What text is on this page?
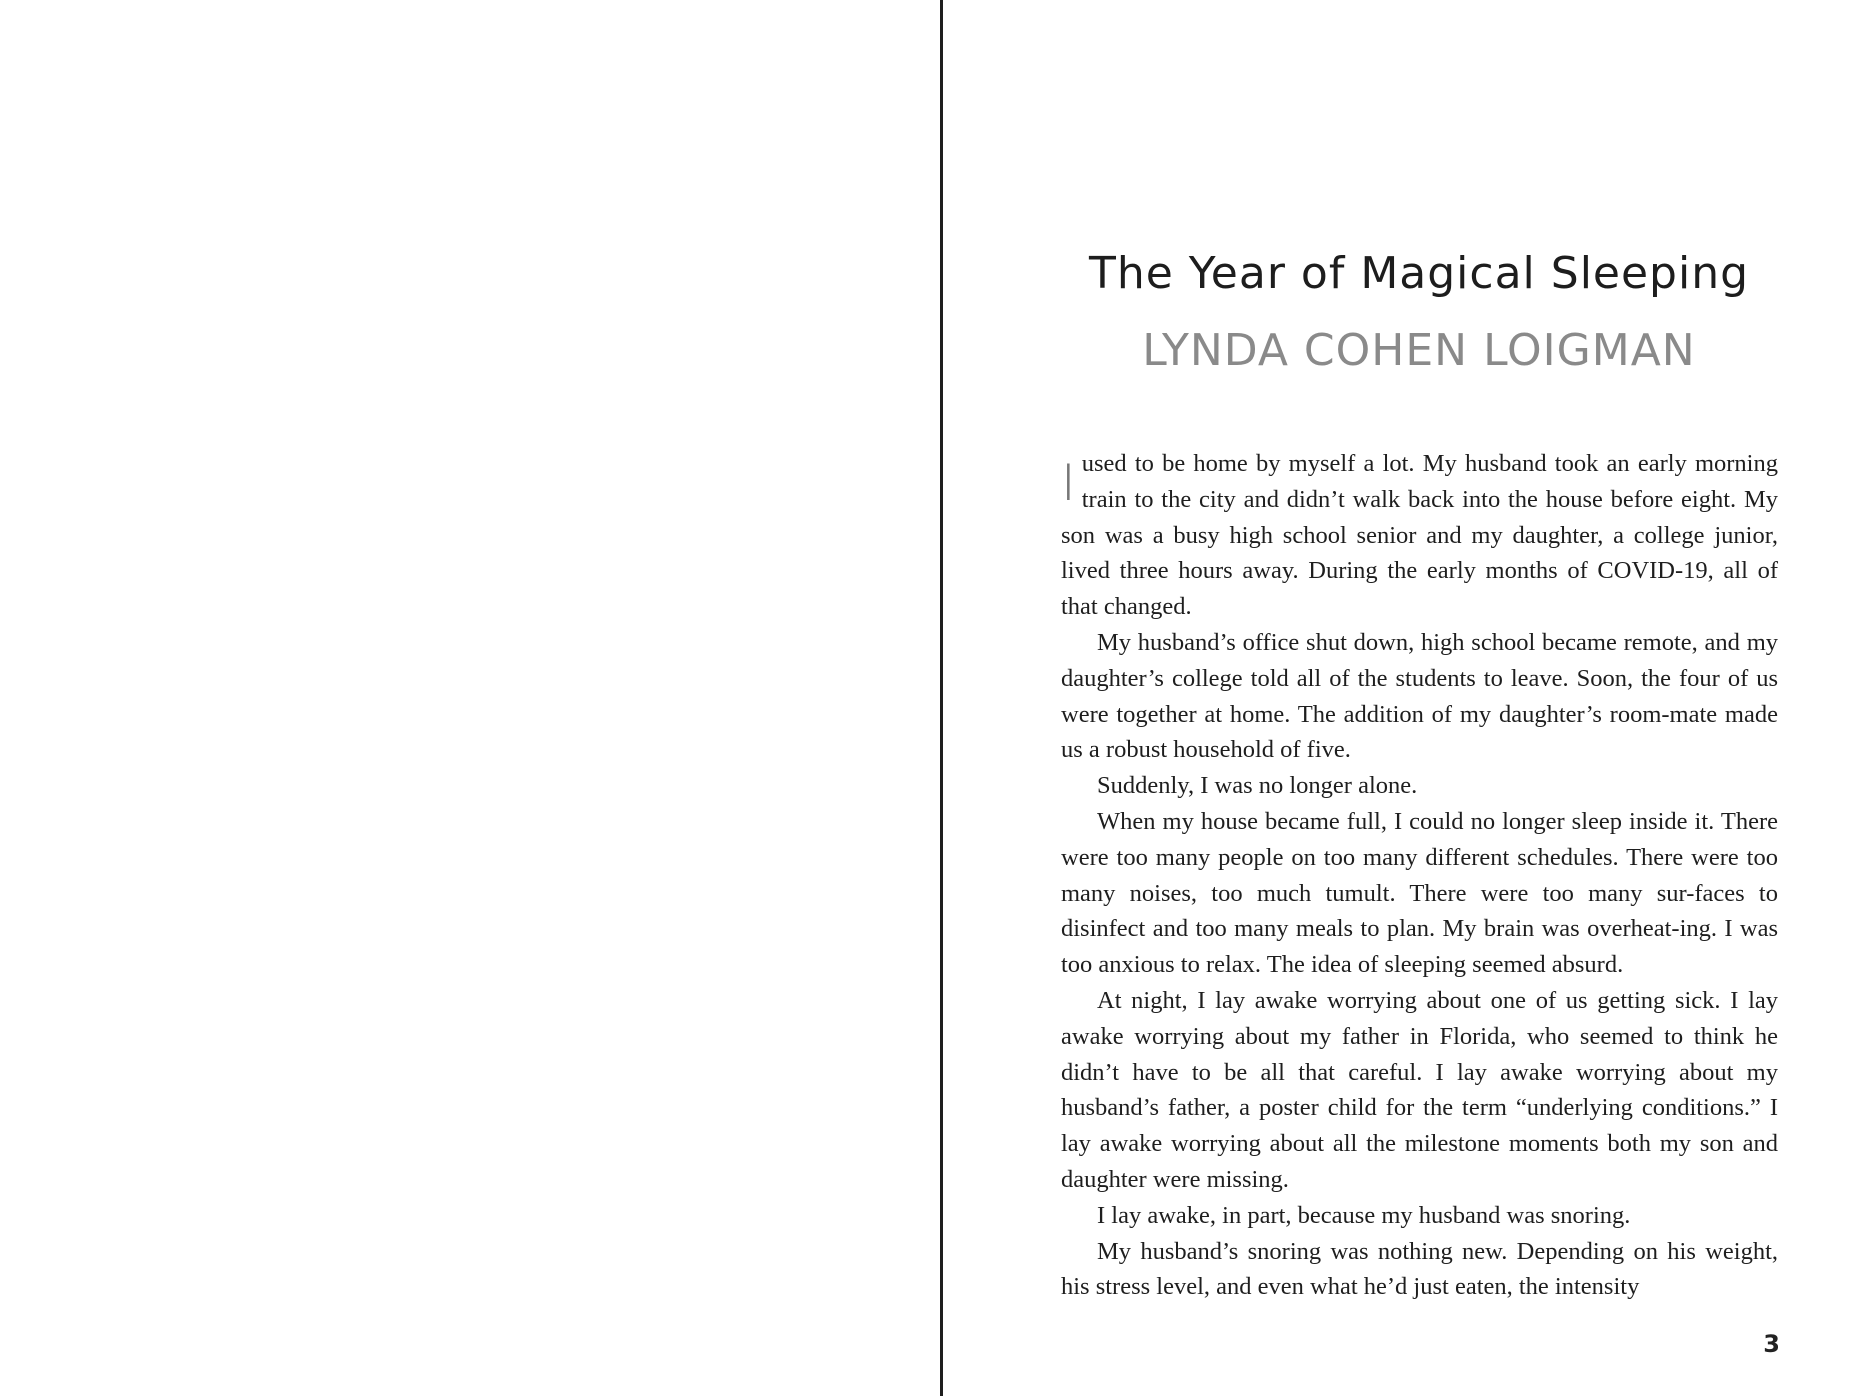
The Year of Magical Sleeping
LYNDA COHEN LOIGMAN

Iused to be home by myself a lot. My husband took an early morning train to the city and didn’t walk back into the house before eight. My son was a busy high school senior and my daughter, a college junior, lived three hours away. During the early months of COVID-19, all of that changed.

My husband’s office shut down, high school became remote, and my daughter’s college told all of the students to leave. Soon, the four of us were together at home. The addition of my daughter’s room-mate made us a robust household of five.

Suddenly, I was no longer alone.

When my house became full, I could no longer sleep inside it. There were too many people on too many different schedules. There were too many noises, too much tumult. There were too many sur-faces to disinfect and too many meals to plan. My brain was overheat-ing. I was too anxious to relax. The idea of sleeping seemed absurd.

At night, I lay awake worrying about one of us getting sick. I lay awake worrying about my father in Florida, who seemed to think he didn’t have to be all that careful. I lay awake worrying about my husband’s father, a poster child for the term “underlying conditions.” I lay awake worrying about all the milestone moments both my son and daughter were missing.

I lay awake, in part, because my husband was snoring.

My husband’s snoring was nothing new. Depending on his weight, his stress level, and even what he’d just eaten, the intensity

3
